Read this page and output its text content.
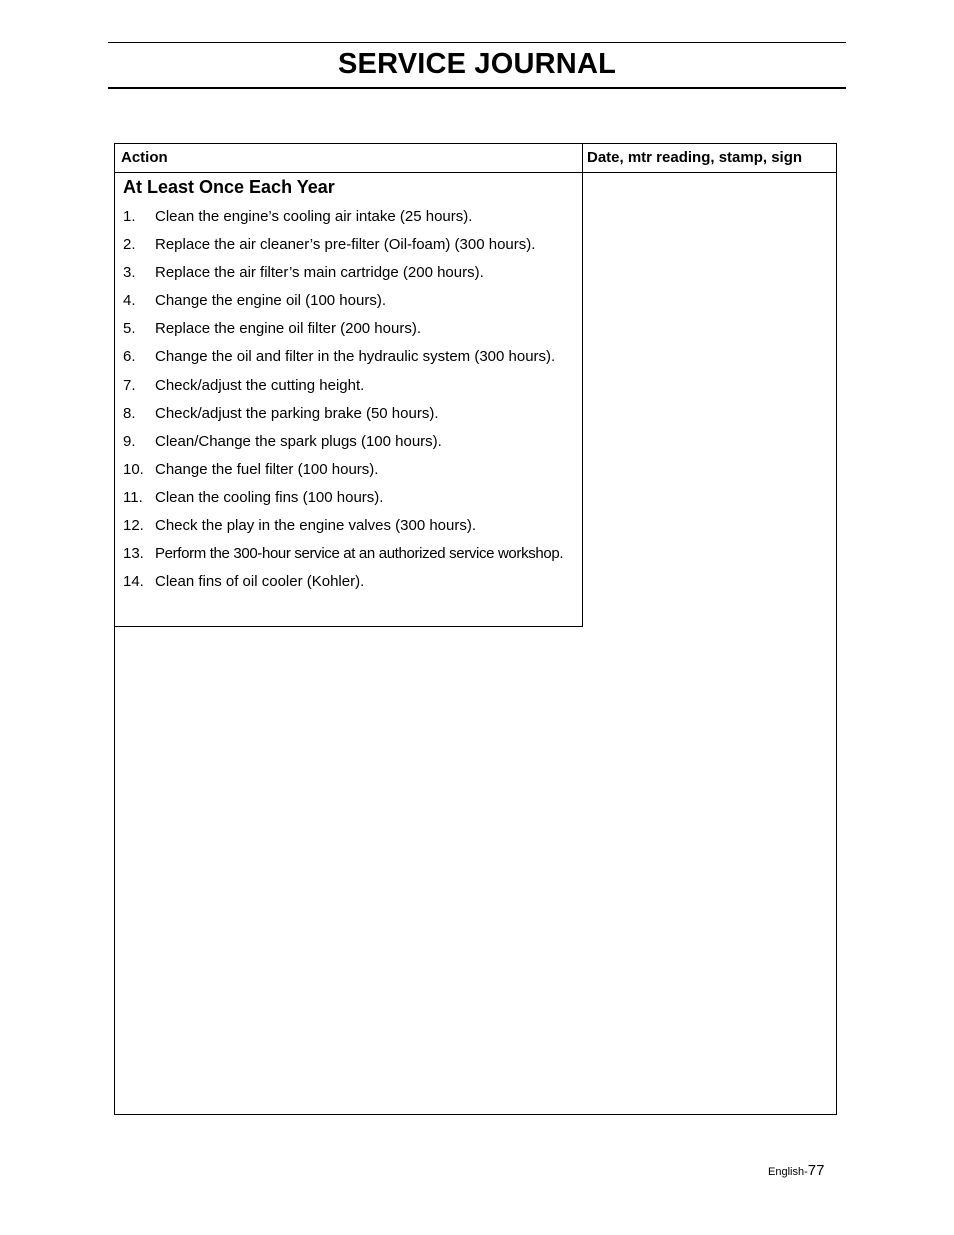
SERVICE JOURNAL
Action	Date, mtr reading, stamp, sign
At Least Once Each Year
1. Clean the engine’s cooling air intake (25 hours).
2. Replace the air cleaner’s pre-filter (Oil-foam) (300 hours).
3. Replace the air filter’s main cartridge (200 hours).
4. Change the engine oil (100 hours).
5. Replace the engine oil filter (200 hours).
6. Change the oil and filter in the hydraulic system (300 hours).
7. Check/adjust the cutting height.
8. Check/adjust the parking brake (50 hours).
9. Clean/Change the spark plugs (100 hours).
10. Change the fuel filter (100 hours).
11. Clean the cooling fins (100 hours).
12. Check the play in the engine valves (300 hours).
13. Perform the 300-hour service at an authorized service workshop.
14. Clean fins of oil cooler (Kohler).
English-77
